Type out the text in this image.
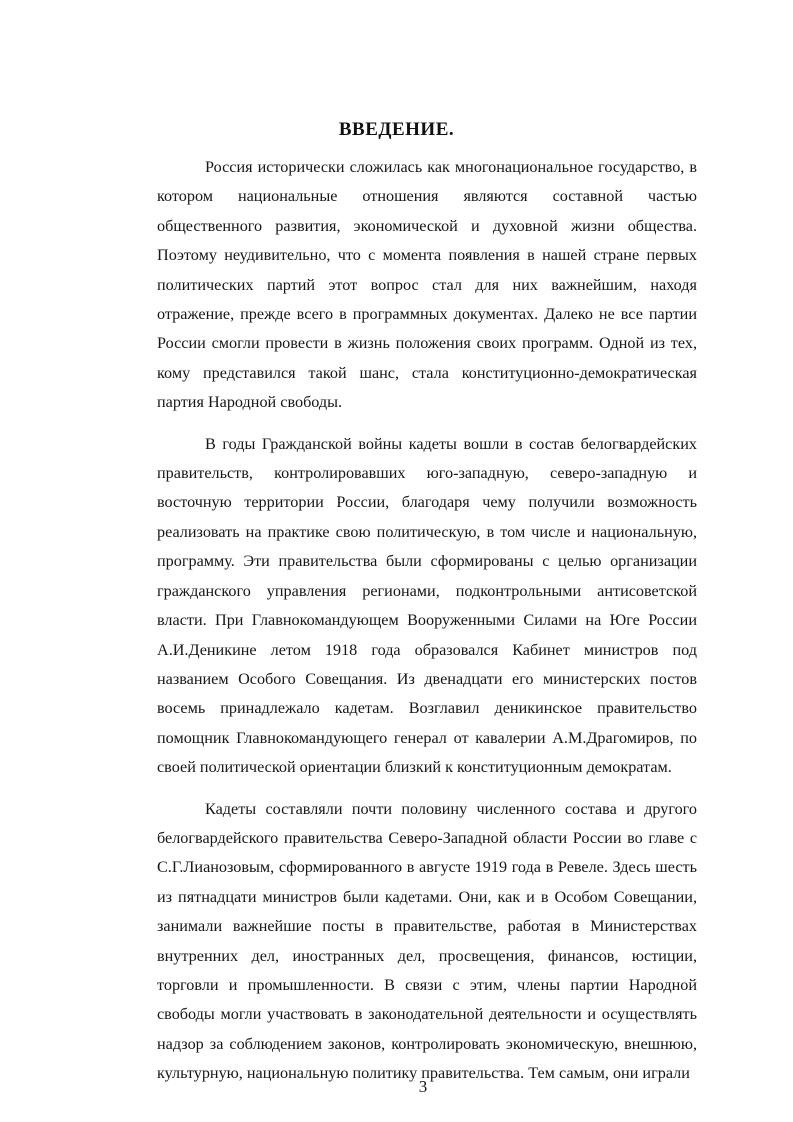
ВВЕДЕНИЕ.

Россия исторически сложилась как многонациональное государство, в котором национальные отношения являются составной частью общественного развития, экономической и духовной жизни общества. Поэтому неудивительно, что с момента появления в нашей стране первых политических партий этот вопрос стал для них важнейшим, находя отражение, прежде всего в программных документах. Далеко не все партии России смогли провести в жизнь положения своих программ. Одной из тех, кому представился такой шанс, стала конституционно-демократическая партия Народной свободы.

В годы Гражданской войны кадеты вошли в состав белогвардейских правительств, контролировавших юго-западную, северо-западную и восточную территории России, благодаря чему получили возможность реализовать на практике свою политическую, в том числе и национальную, программу. Эти правительства были сформированы с целью организации гражданского управления регионами, подконтрольными антисоветской власти. При Главнокомандующем Вооруженными Силами на Юге России А.И.Деникине летом 1918 года образовался Кабинет министров под названием Особого Совещания. Из двенадцати его министерских постов восемь принадлежало кадетам. Возглавил деникинское правительство помощник Главнокомандующего генерал от кавалерии А.М.Драгомиров, по своей политической ориентации близкий к конституционным демократам.

Кадеты составляли почти половину численного состава и другого белогвардейского правительства Северо-Западной области России во главе с С.Г.Лианозовым, сформированного в августе 1919 года в Ревеле. Здесь шесть из пятнадцати министров были кадетами. Они, как и в Особом Совещании, занимали важнейшие посты в правительстве, работая в Министерствах внутренних дел, иностранных дел, просвещения, финансов, юстиции, торговли и промышленности. В связи с этим, члены партии Народной свободы могли участвовать в законодательной деятельности и осуществлять надзор за соблюдением законов, контролировать экономическую, внешнюю, культурную, национальную политику правительства. Тем самым, они играли

3
